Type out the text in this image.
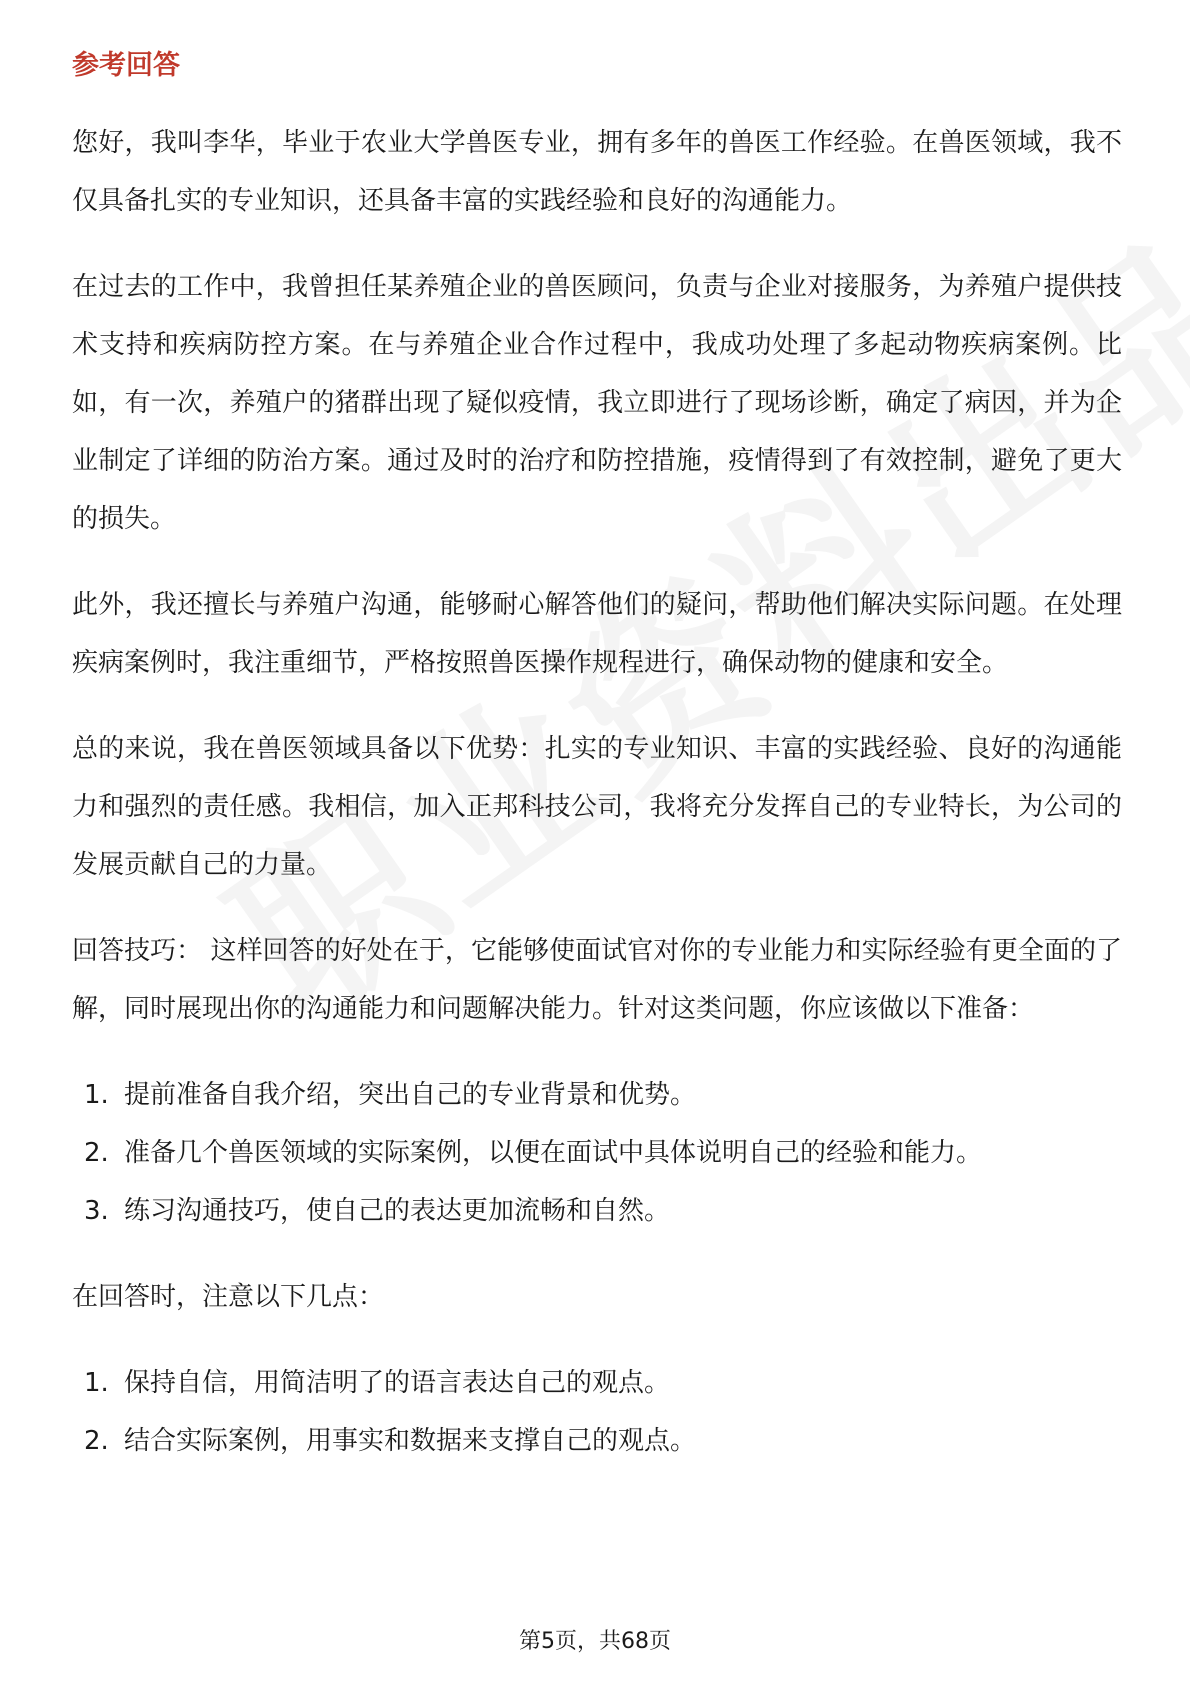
参考回答

您好，我叫李华，毕业于农业大学兽医专业，拥有多年的兽医工作经验。在兽医领域，我不仅具备扎实的专业知识，还具备丰富的实践经验和良好的沟通能力。

在过去的工作中，我曾担任某养殖企业的兽医顾问，负责与企业对接服务，为养殖户提供技术支持和疾病防控方案。在与养殖企业合作过程中，我成功处理了多起动物疾病案例。比如，有一次，养殖户的猪群出现了疑似疫情，我立即进行了现场诊断，确定了病因，并为企业制定了详细的防治方案。通过及时的治疗和防控措施，疫情得到了有效控制，避免了更大的损失。

此外，我还擅长与养殖户沟通，能够耐心解答他们的疑问，帮助他们解决实际问题。在处理疾病案例时，我注重细节，严格按照兽医操作规程进行，确保动物的健康和安全。

总的来说，我在兽医领域具备以下优势：扎实的专业知识、丰富的实践经验、良好的沟通能力和强烈的责任感。我相信，加入正邦科技公司，我将充分发挥自己的专业特长，为公司的发展贡献自己的力量。

回答技巧： 这样回答的好处在于，它能够使面试官对你的专业能力和实际经验有更全面的了解，同时展现出你的沟通能力和问题解决能力。针对这类问题，你应该做以下准备：

1. 提前准备自我介绍，突出自己的专业背景和优势。
2. 准备几个兽医领域的实际案例，以便在面试中具体说明自己的经验和能力。
3. 练习沟通技巧，使自己的表达更加流畅和自然。

在回答时，注意以下几点：

1. 保持自信，用简洁明了的语言表达自己的观点。
2. 结合实际案例，用事实和数据来支撑自己的观点。
第5页，共68页
